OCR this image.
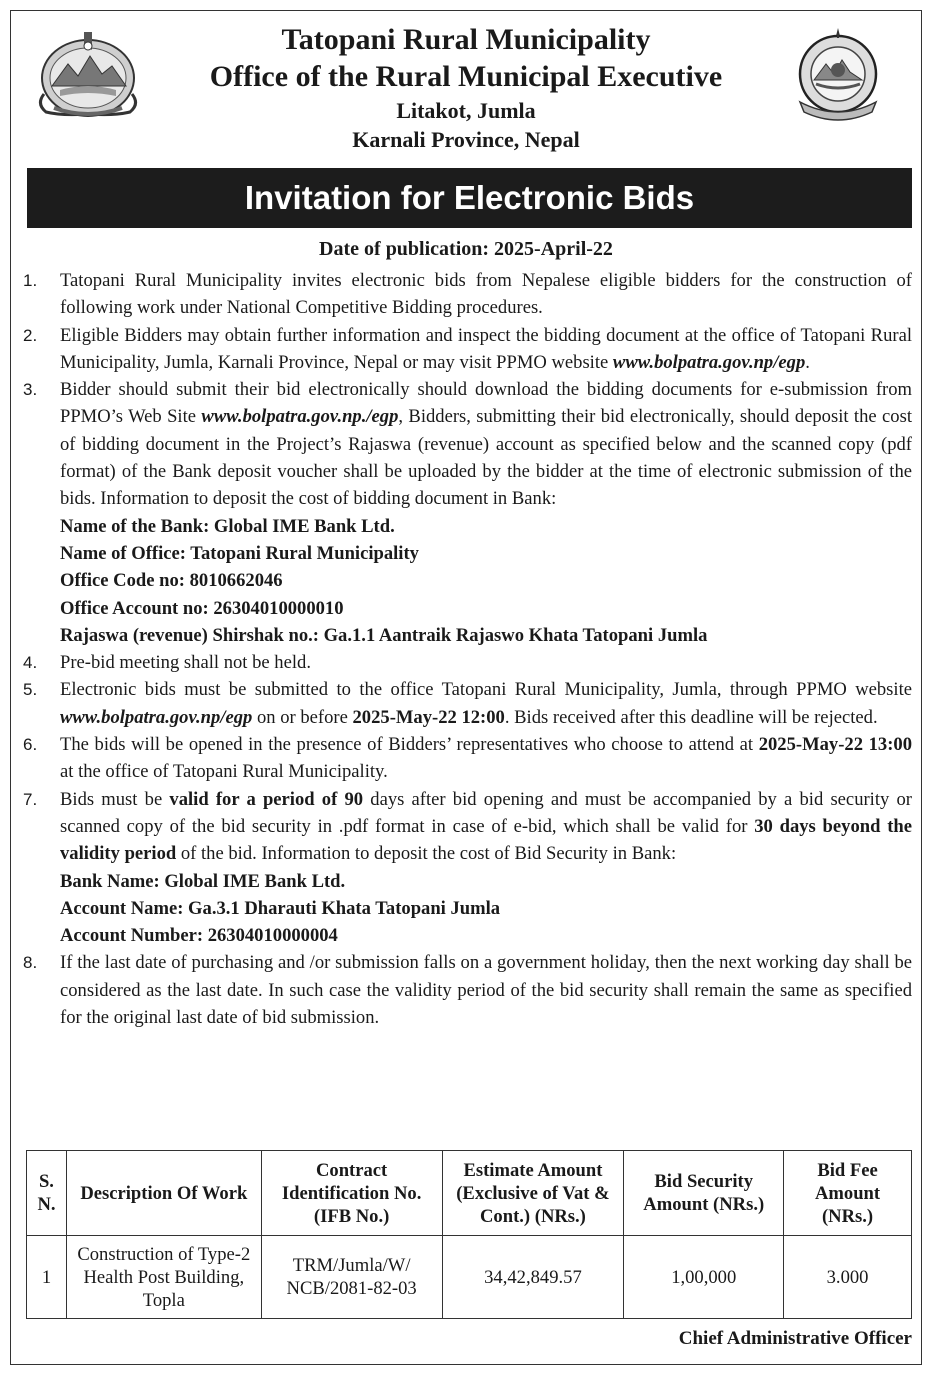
Tatopani Rural Municipality
Office of the Rural Municipal Executive
Litakot, Jumla
Karnali Province, Nepal
Invitation for Electronic Bids
Date of publication: 2025-April-22
1. Tatopani Rural Municipality invites electronic bids from Nepalese eligible bidders for the construction of following work under National Competitive Bidding procedures.
2. Eligible Bidders may obtain further information and inspect the bidding document at the office of Tatopani Rural Municipality, Jumla, Karnali Province, Nepal or may visit PPMO website www.bolpatra.gov.np/egp.
3. Bidder should submit their bid electronically should download the bidding documents for e-submission from PPMO’s Web Site www.bolpatra.gov.np./egp, Bidders, submitting their bid electronically, should deposit the cost of bidding document in the Project’s Rajaswa (revenue) account as specified below and the scanned copy (pdf format) of the Bank deposit voucher shall be uploaded by the bidder at the time of electronic submission of the bids. Information to deposit the cost of bidding document in Bank:
Name of the Bank: Global IME Bank Ltd.
Name of Office: Tatopani Rural Municipality
Office Code no: 8010662046
Office Account no: 26304010000010
Rajaswa (revenue) Shirshak no.: Ga.1.1 Aantraik Rajaswo Khata Tatopani Jumla
4. Pre-bid meeting shall not be held.
5. Electronic bids must be submitted to the office Tatopani Rural Municipality, Jumla, through PPMO website www.bolpatra.gov.np/egp on or before 2025-May-22 12:00. Bids received after this deadline will be rejected.
6. The bids will be opened in the presence of Bidders’ representatives who choose to attend at 2025-May-22 13:00 at the office of Tatopani Rural Municipality.
7. Bids must be valid for a period of 90 days after bid opening and must be accompanied by a bid security or scanned copy of the bid security in .pdf format in case of e-bid, which shall be valid for 30 days beyond the validity period of the bid. Information to deposit the cost of Bid Security in Bank:
Bank Name: Global IME Bank Ltd.
Account Name: Ga.3.1 Dharauti Khata Tatopani Jumla
Account Number: 26304010000004
8. If the last date of purchasing and /or submission falls on a government holiday, then the next working day shall be considered as the last date. In such case the validity period of the bid security shall remain the same as specified for the original last date of bid submission.
S. N.	Description Of Work	Contract Identification No. (IFB No.)	Estimate Amount (Exclusive of Vat & Cont.) (NRs.)	Bid Security Amount (NRs.)	Bid Fee Amount (NRs.)
1	Construction of Type-2 Health Post Building, Topla	TRM/Jumla/W/ NCB/2081-82-03	34,42,849.57	1,00,000	3.000
Chief Administrative Officer
